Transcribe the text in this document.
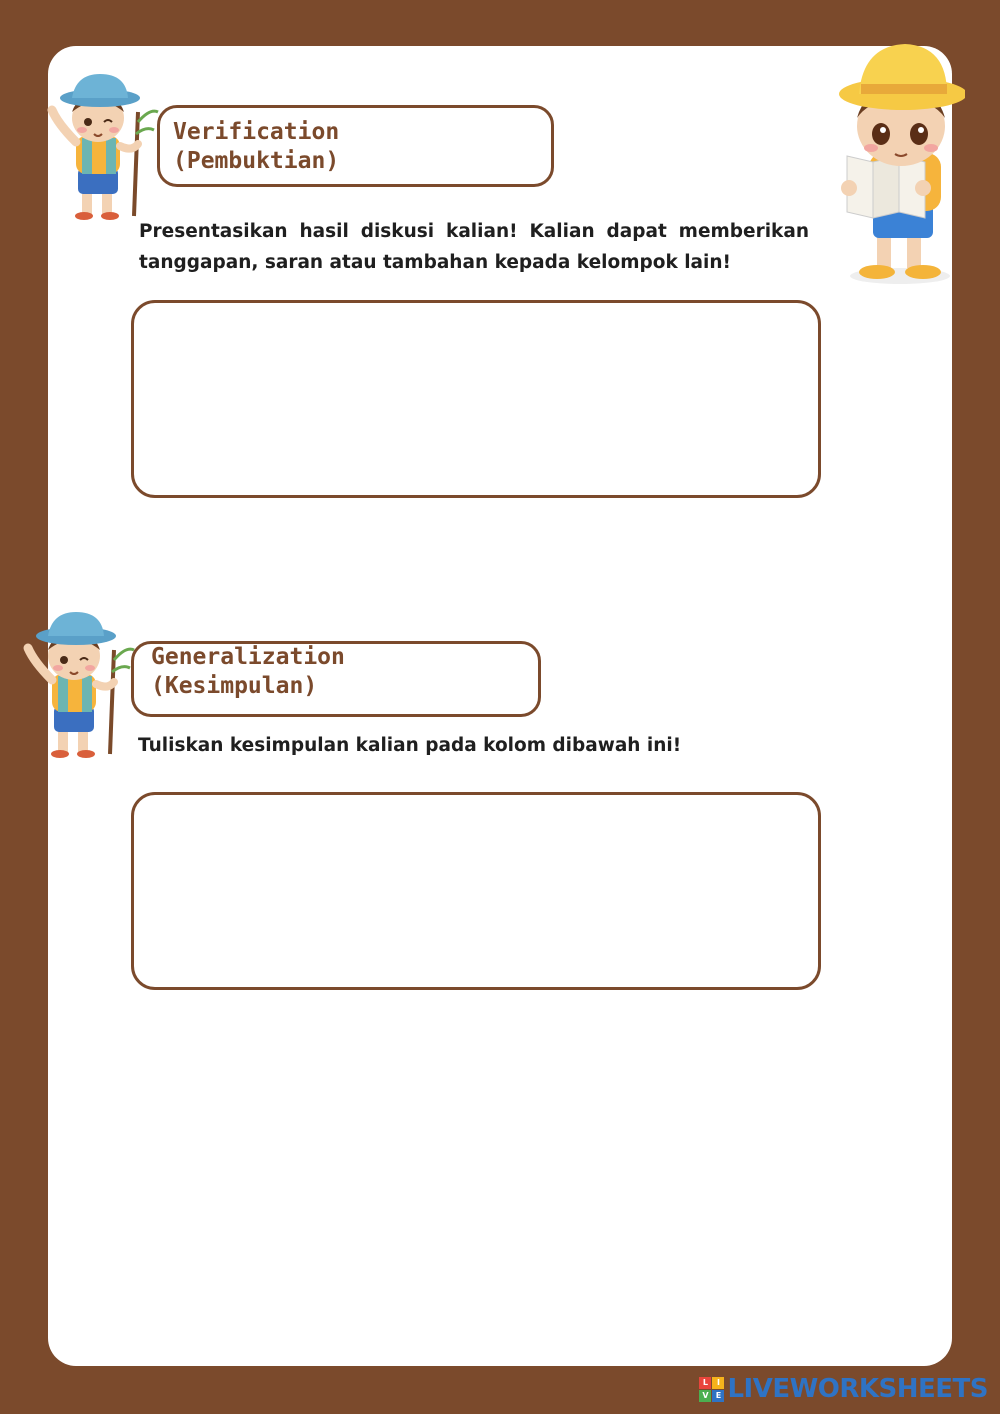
Verification
(Pembuktian)
Presentasikan hasil diskusi kalian! Kalian dapat memberikan tanggapan, saran atau tambahan kepada kelompok lain!
Generalization
(Kesimpulan)
Tuliskan kesimpulan kalian pada kolom dibawah ini!
L	I
V E LIVEWORKSHEETS
